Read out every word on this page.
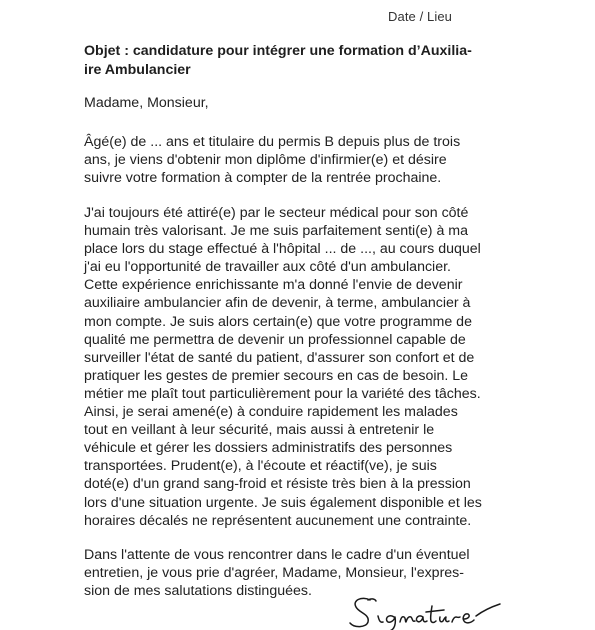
Date / Lieu
Objet : candidature pour intégrer une formation d’Auxilia-
ire Ambulancier
Madame, Monsieur,
Âgé(e) de ... ans et titulaire du permis B depuis plus de trois
ans, je viens d'obtenir mon diplôme d'infirmier(e) et désire
suivre votre formation à compter de la rentrée prochaine.
J'ai toujours été attiré(e) par le secteur médical pour son côté
humain très valorisant. Je me suis parfaitement senti(e) à ma
place lors du stage effectué à l'hôpital ... de ..., au cours duquel
j'ai eu l'opportunité de travailler aux côté d'un ambulancier.
Cette expérience enrichissante m'a donné l'envie de devenir
auxiliaire ambulancier afin de devenir, à terme, ambulancier à
mon compte. Je suis alors certain(e) que votre programme de
qualité me permettra de devenir un professionnel capable de
surveiller l'état de santé du patient, d'assurer son confort et de
pratiquer les gestes de premier secours en cas de besoin. Le
métier me plaît tout particulièrement pour la variété des tâches.
Ainsi, je serai amené(e) à conduire rapidement les malades
tout en veillant à leur sécurité, mais aussi à entretenir le
véhicule et gérer les dossiers administratifs des personnes
transportées. Prudent(e), à l'écoute et réactif(ve), je suis
doté(e) d'un grand sang-froid et résiste très bien à la pression
lors d'une situation urgente. Je suis également disponible et les
horaires décalés ne représentent aucunement une contrainte.
Dans l'attente de vous rencontrer dans le cadre d'un éventuel
entretien, je vous prie d'agréer, Madame, Monsieur, l'expres-
sion de mes salutations distinguées.
